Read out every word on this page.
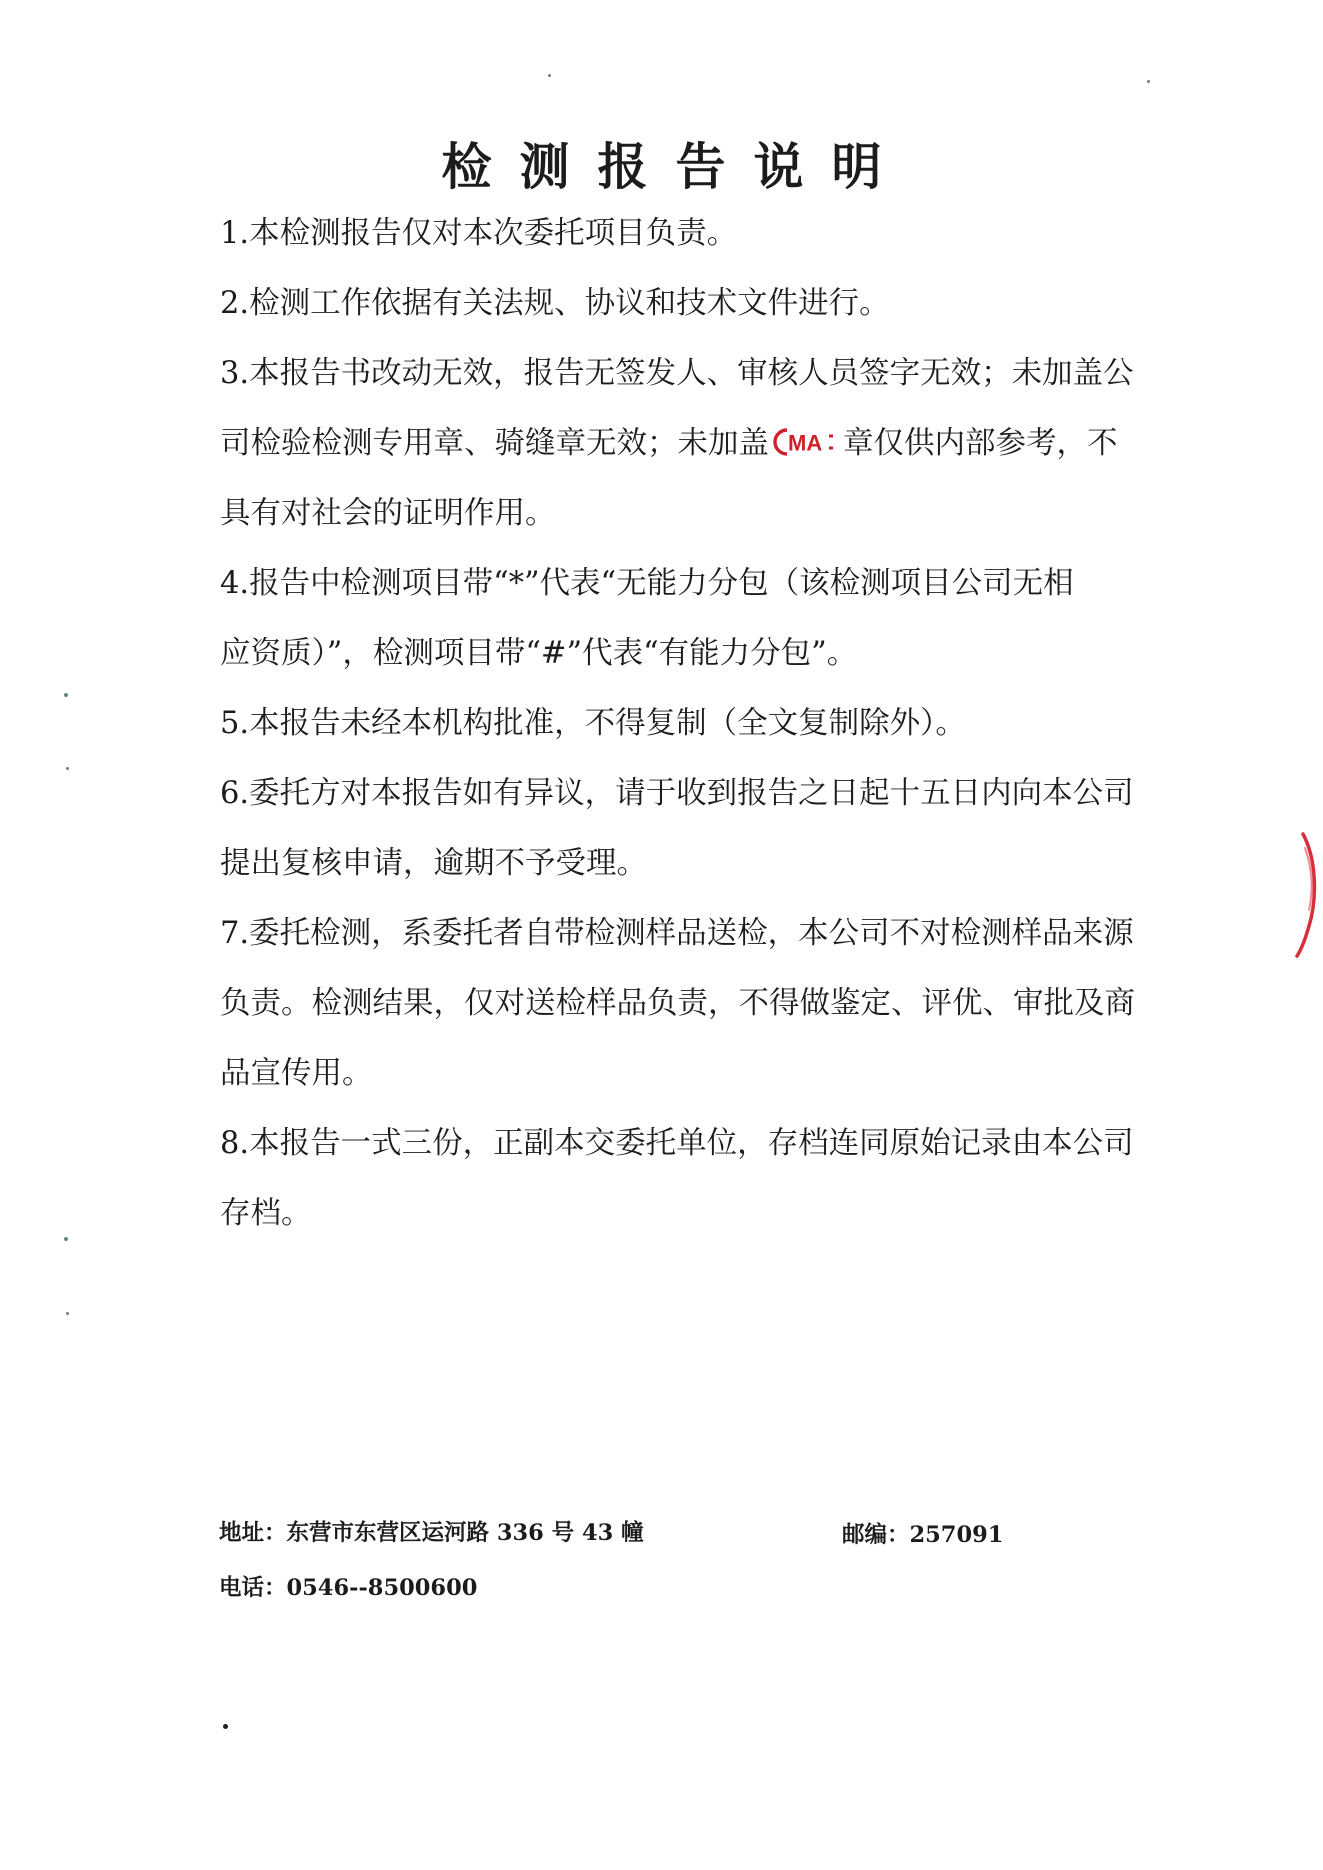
检测报告说明
1.本检测报告仅对本次委托项目负责。
2.检测工作依据有关法规、协议和技术文件进行。
3.本报告书改动无效，报告无签发人、审核人员签字无效；未加盖公
司检验检测专用章、骑缝章无效；未加盖 MA 章仅供内部参考，不
具有对社会的证明作用。
4.报告中检测项目带“*”代表“无能力分包（该检测项目公司无相
应资质）”，检测项目带“#”代表“有能力分包”。
5.本报告未经本机构批准，不得复制（全文复制除外）。
6.委托方对本报告如有异议，请于收到报告之日起十五日内向本公司
提出复核申请，逾期不予受理。
7.委托检测，系委托者自带检测样品送检，本公司不对检测样品来源
负责。检测结果，仅对送检样品负责，不得做鉴定、评优、审批及商
品宣传用。
8.本报告一式三份，正副本交委托单位，存档连同原始记录由本公司
存档。
地址：东营市东营区运河路 336 号 43 幢	邮编：257091
电话：0546--8500600
